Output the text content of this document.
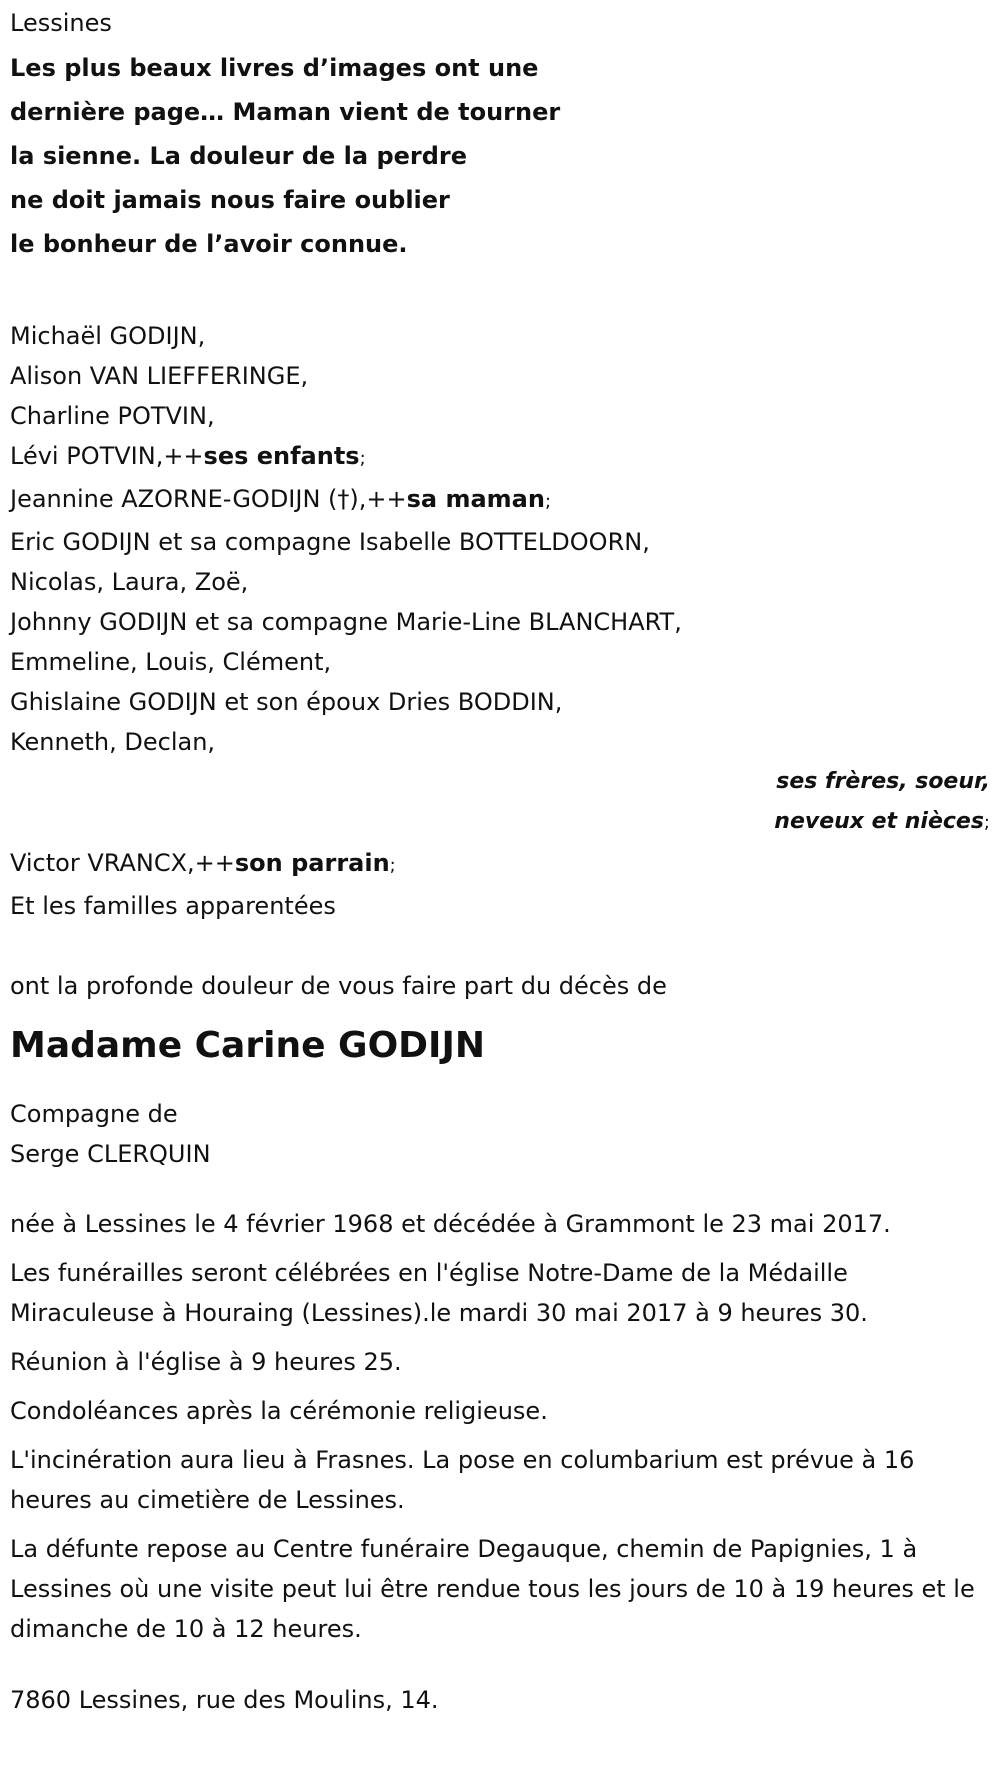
Lessines
Les plus beaux livres d’images ont une
dernière page… Maman vient de tourner
la sienne. La douleur de la perdre
ne doit jamais nous faire oublier
le bonheur de l’avoir connue.
Michaël GODIJN,
Alison VAN LIEFFERINGE,
Charline POTVIN,
Lévi POTVIN,++ses enfants;
Jeannine AZORNE-GODIJN (†),++sa maman;
Eric GODIJN et sa compagne Isabelle BOTTELDOORN,
Nicolas, Laura, Zoë,
Johnny GODIJN et sa compagne Marie-Line BLANCHART,
Emmeline, Louis, Clément,
Ghislaine GODIJN et son époux Dries BODDIN,
Kenneth, Declan,
ses frères, soeur,
neveux et nièces;
Victor VRANCX,++son parrain;
Et les familles apparentées
ont la profonde douleur de vous faire part du décès de
Madame Carine GODIJN
Compagne de
Serge CLERQUIN
née à Lessines le 4 février 1968 et décédée à Grammont le 23 mai 2017.
Les funérailles seront célébrées en l'église Notre-Dame de la Médaille Miraculeuse à Houraing (Lessines).le mardi 30 mai 2017 à 9 heures 30.
Réunion à l'église à 9 heures 25.
Condoléances après la cérémonie religieuse.
L'incinération aura lieu à Frasnes. La pose en columbarium est prévue à 16 heures au cimetière de Lessines.
La défunte repose au Centre funéraire Degauque, chemin de Papignies, 1 à Lessines où une visite peut lui être rendue tous les jours de 10 à 19 heures et le dimanche de 10 à 12 heures.
7860 Lessines, rue des Moulins, 14.
